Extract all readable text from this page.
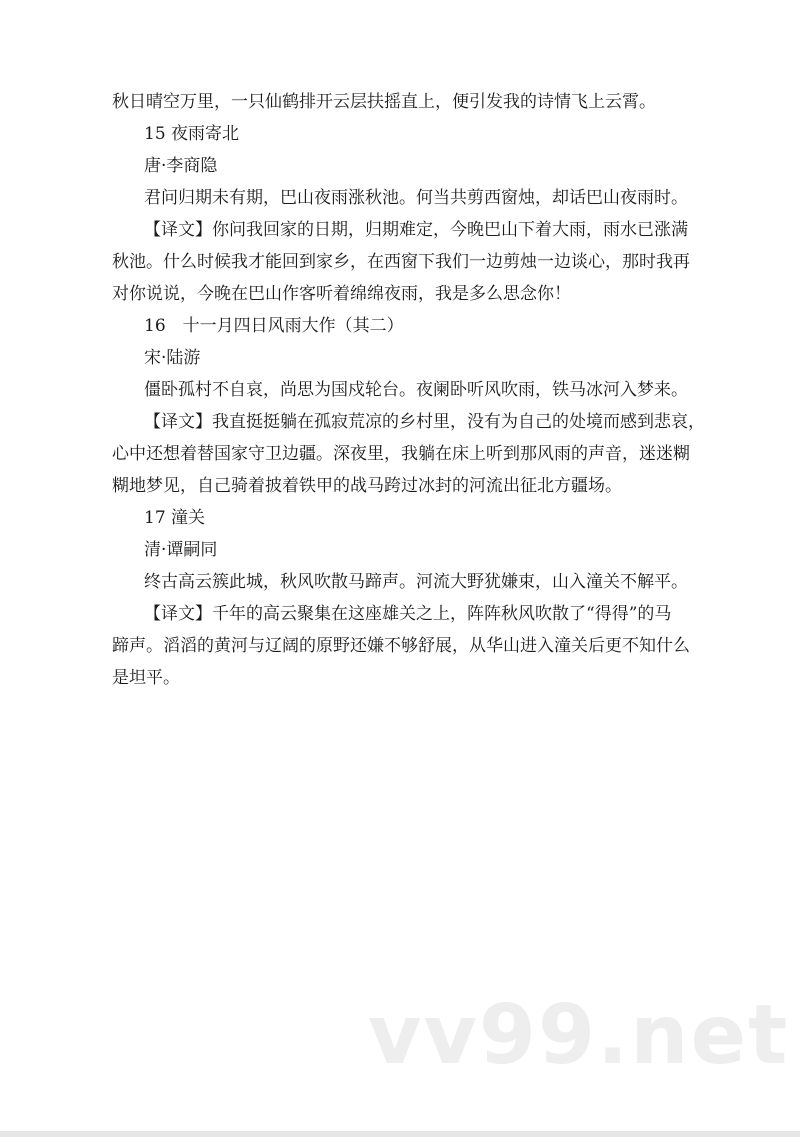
秋日晴空万里，一只仙鹤排开云层扶摇直上，便引发我的诗情飞上云霄。

15 夜雨寄北

唐·李商隐

君问归期未有期，巴山夜雨涨秋池。何当共剪西窗烛，却话巴山夜雨时。

【译文】你问我回家的日期，归期难定，今晚巴山下着大雨，雨水已涨满

秋池。什么时候我才能回到家乡，在西窗下我们一边剪烛一边谈心，那时我再

对你说说，今晚在巴山作客听着绵绵夜雨，我是多么思念你！

16　十一月四日风雨大作（其二）

宋·陆游

僵卧孤村不自哀，尚思为国戍轮台。夜阑卧听风吹雨，铁马冰河入梦来。

【译文】我直挺挺躺在孤寂荒凉的乡村里，没有为自己的处境而感到悲哀，

心中还想着替国家守卫边疆。深夜里，我躺在床上听到那风雨的声音，迷迷糊

糊地梦见，自己骑着披着铁甲的战马跨过冰封的河流出征北方疆场。

17 潼关

清·谭嗣同

终古高云簇此城，秋风吹散马蹄声。河流大野犹嫌束，山入潼关不解平。

【译文】千年的高云聚集在这座雄关之上，阵阵秋风吹散了“得得”的马

蹄声。滔滔的黄河与辽阔的原野还嫌不够舒展，从华山进入潼关后更不知什么

是坦平。

vv99.net
